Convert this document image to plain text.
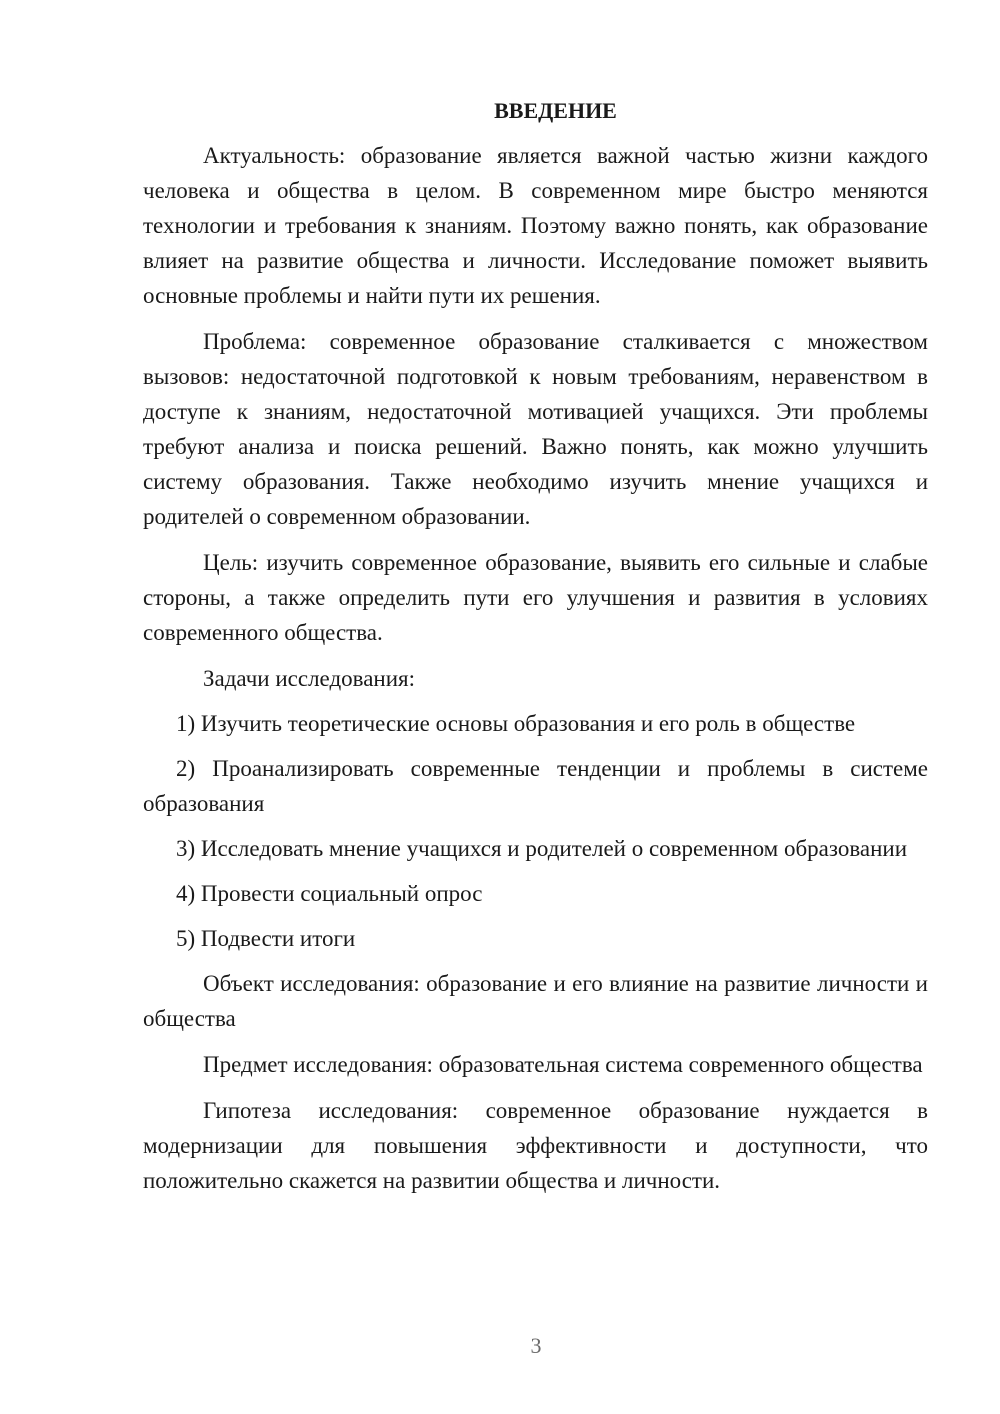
ВВЕДЕНИЕ

Актуальность: образование является важной частью жизни каждого человека и общества в целом. В современном мире быстро меняются технологии и требования к знаниям. Поэтому важно понять, как образование влияет на развитие общества и личности. Исследование поможет выявить основные проблемы и найти пути их решения.

Проблема: современное образование сталкивается с множеством вызовов: недостаточной подготовкой к новым требованиям, неравенством в доступе к знаниям, недостаточной мотивацией учащихся. Эти проблемы требуют анализа и поиска решений. Важно понять, как можно улучшить систему образования. Также необходимо изучить мнение учащихся и родителей о современном образовании.

Цель: изучить современное образование, выявить его сильные и слабые стороны, а также определить пути его улучшения и развития в условиях современного общества.

Задачи исследования:

1) Изучить теоретические основы образования и его роль в обществе

2) Проанализировать современные тенденции и проблемы в системе образования

3) Исследовать мнение учащихся и родителей о современном образовании

4) Провести социальный опрос

5) Подвести итоги

Объект исследования: образование и его влияние на развитие личности и общества

Предмет исследования: образовательная система современного общества

Гипотеза исследования: современное образование нуждается в модернизации для повышения эффективности и доступности, что положительно скажется на развитии общества и личности.

3
